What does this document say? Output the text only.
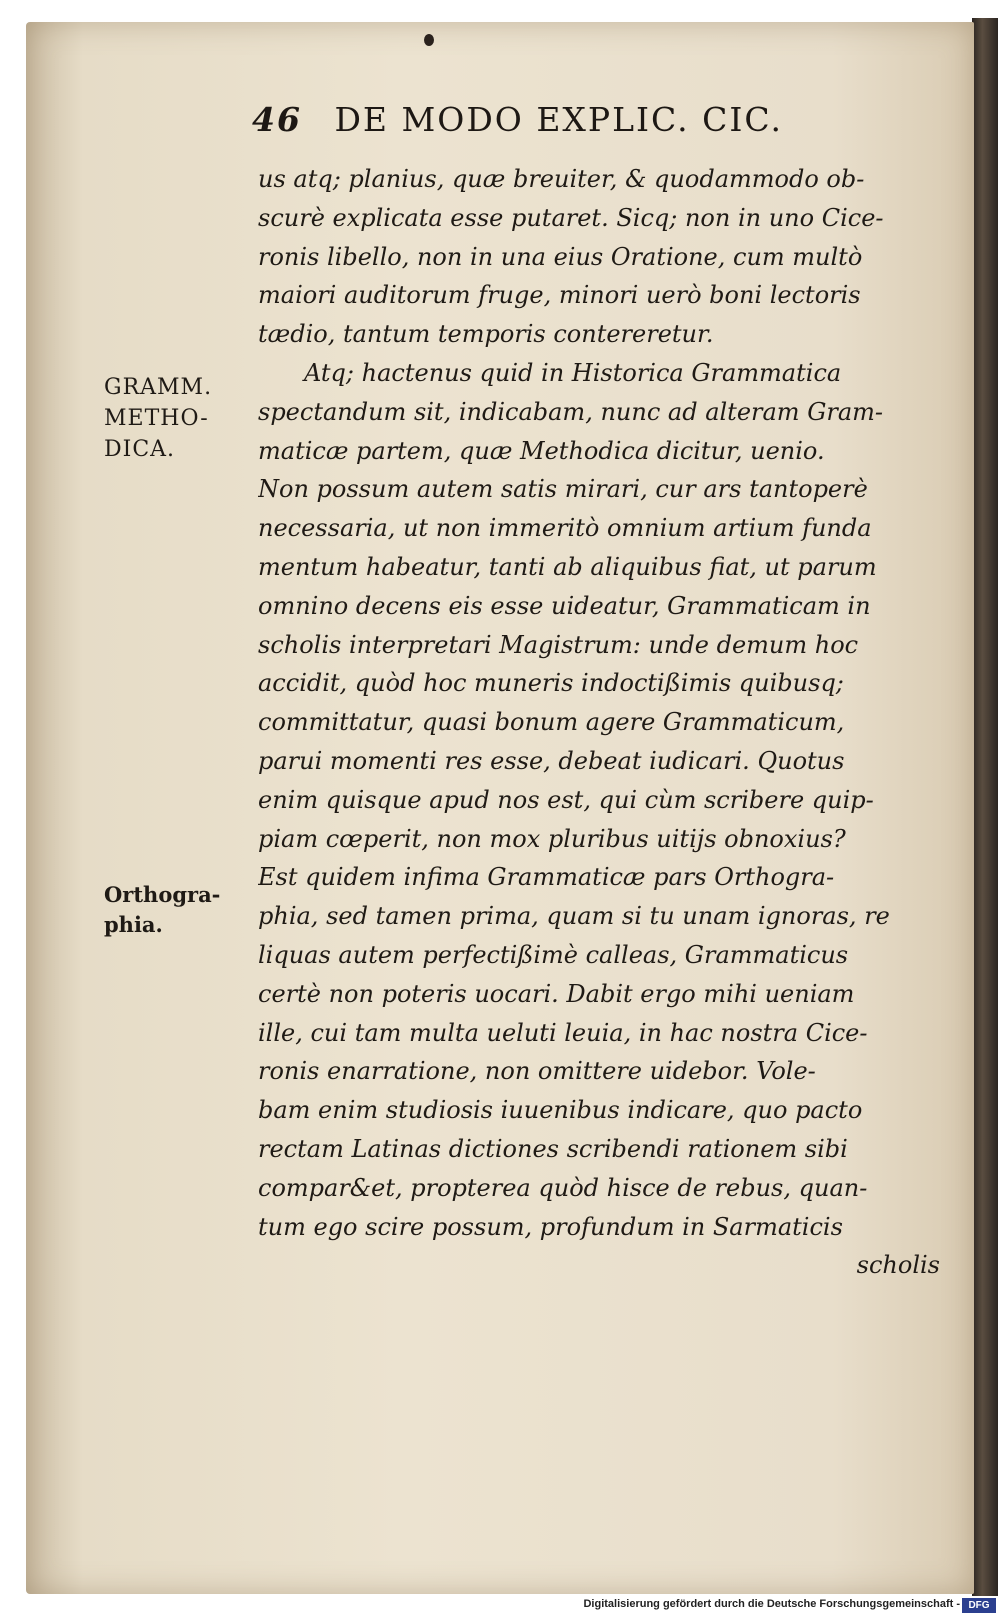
46 DE MODO EXPLIC. CIC.
GRAMM.
METHO-
DICA.
Orthogra-
phia.
us atq; planius, quæ breuiter, & quodammodo ob-
scurè explicata esse putaret. Sicq; non in uno Cice-
ronis libello, non in una eius Oratione, cum multò
maiori auditorum fruge, minori uerò boni lectoris
tædio, tantum temporis contereretur.
Atq; hactenus quid in Historica Grammatica
spectandum sit, indicabam, nunc ad alteram Gram-
maticæ partem, quæ Methodica dicitur, uenio.
Non possum autem satis mirari, cur ars tantoperè
necessaria, ut non immeritò omnium artium funda
mentum habeatur, tanti ab aliquibus fiat, ut parum
omnino decens eis esse uideatur, Grammaticam in
scholis interpretari Magistrum: unde demum hoc
accidit, quòd hoc muneris indoctißimis quibusq;
committatur, quasi bonum agere Grammaticum,
parui momenti res esse, debeat iudicari. Quotus
enim quisque apud nos est, qui cùm scribere quip-
piam cœperit, non mox pluribus uitijs obnoxius?
Est quidem infima Grammaticæ pars Orthogra-
phia, sed tamen prima, quam si tu unam ignoras, re
liquas autem perfectißimè calleas, Grammaticus
certè non poteris uocari. Dabit ergo mihi ueniam
ille, cui tam multa ueluti leuia, in hac nostra Cice-
ronis enarratione, non omittere uidebor. Vole-
bam enim studiosis iuuenibus indicare, quo pacto
rectam Latinas dictiones scribendi rationem sibi
compar&et, propterea quòd hisce de rebus, quan-
tum ego scire possum, profundum in Sarmaticis
scholis
Digitalisierung gefördert durch die Deutsche Forschungsgemeinschaft - DFG
